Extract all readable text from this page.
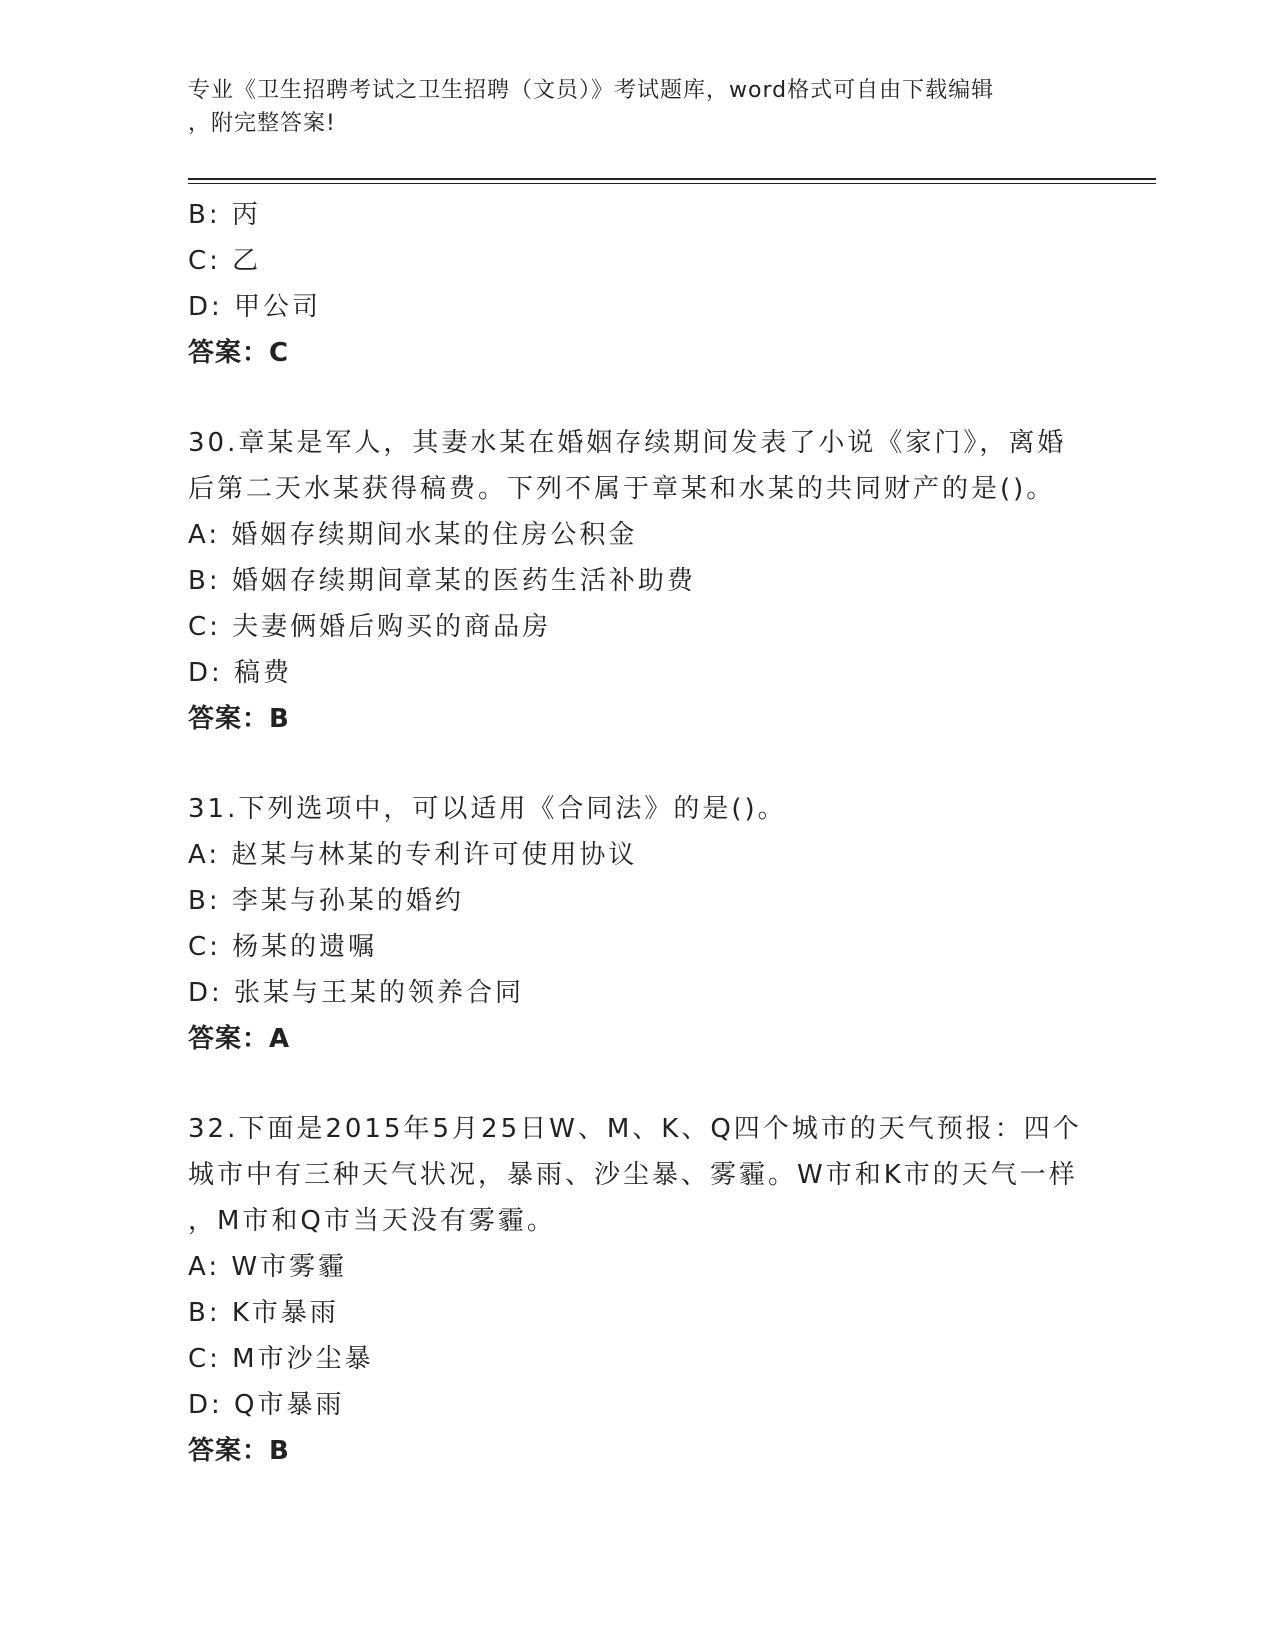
专业《卫生招聘考试之卫生招聘（文员）》考试题库，word格式可自由下载编辑
，附完整答案!
B: 丙
C: 乙
D: 甲公司
答案：C
30.章某是军人，其妻水某在婚姻存续期间发表了小说《家门》，离婚
后第二天水某获得稿费。下列不属于章某和水某的共同财产的是()。
A: 婚姻存续期间水某的住房公积金
B: 婚姻存续期间章某的医药生活补助费
C: 夫妻俩婚后购买的商品房
D: 稿费
答案：B
31.下列选项中，可以适用《合同法》的是()。
A: 赵某与林某的专利许可使用协议
B: 李某与孙某的婚约
C: 杨某的遗嘱
D: 张某与王某的领养合同
答案：A
32.下面是2015年5月25日W、M、K、Q四个城市的天气预报：四个
城市中有三种天气状况，暴雨、沙尘暴、雾霾。W市和K市的天气一样
，M市和Q市当天没有雾霾。
A: W市雾霾
B: K市暴雨
C: M市沙尘暴
D: Q市暴雨
答案：B
